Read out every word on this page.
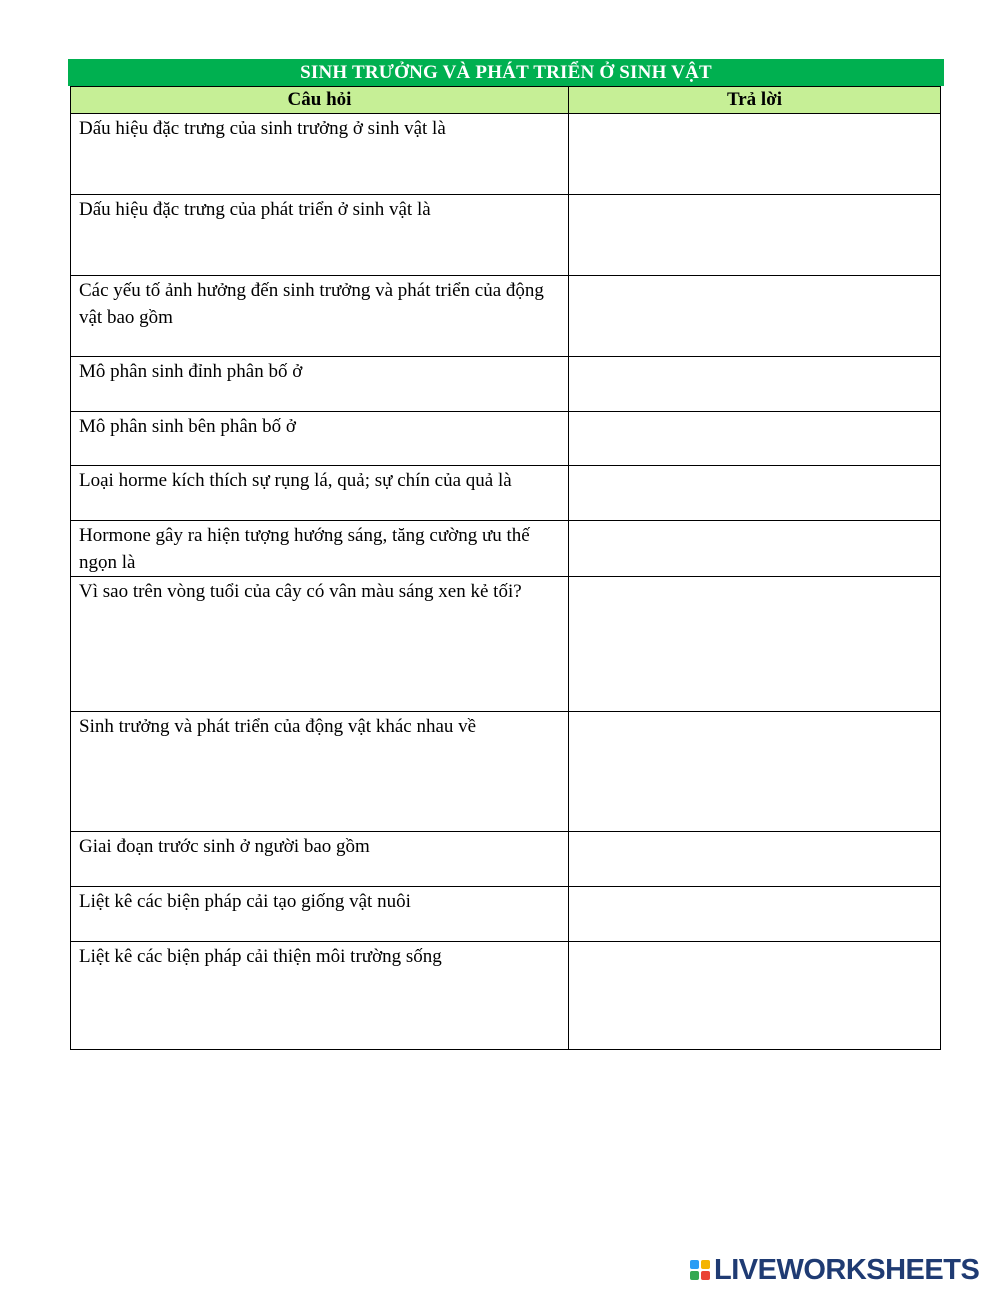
SINH TRƯỞNG VÀ PHÁT TRIỂN Ở SINH VẬT
Câu hỏi	Trả lời
Dấu hiệu đặc trưng của sinh trưởng ở sinh vật là	
Dấu hiệu đặc trưng của phát triển ở sinh vật là	
Các yếu tố ảnh hưởng đến sinh trưởng và phát triển của động vật bao gồm	
Mô phân sinh đỉnh phân bố ở	
Mô phân sinh bên phân bố ở	
Loại horme kích thích sự rụng lá, quả; sự chín của quả là	
Hormone gây ra hiện tượng hướng sáng, tăng cường ưu thế ngọn là	
Vì sao trên vòng tuổi của cây có vân màu sáng xen kẻ tối?	
Sinh trưởng và phát triển của động vật khác nhau về	
Giai đoạn trước sinh ở người bao gồm	
Liệt kê các biện pháp cải tạo giống vật nuôi	
Liệt kê các biện pháp cải thiện môi trường sống	
LIVEWORKSHEETS
